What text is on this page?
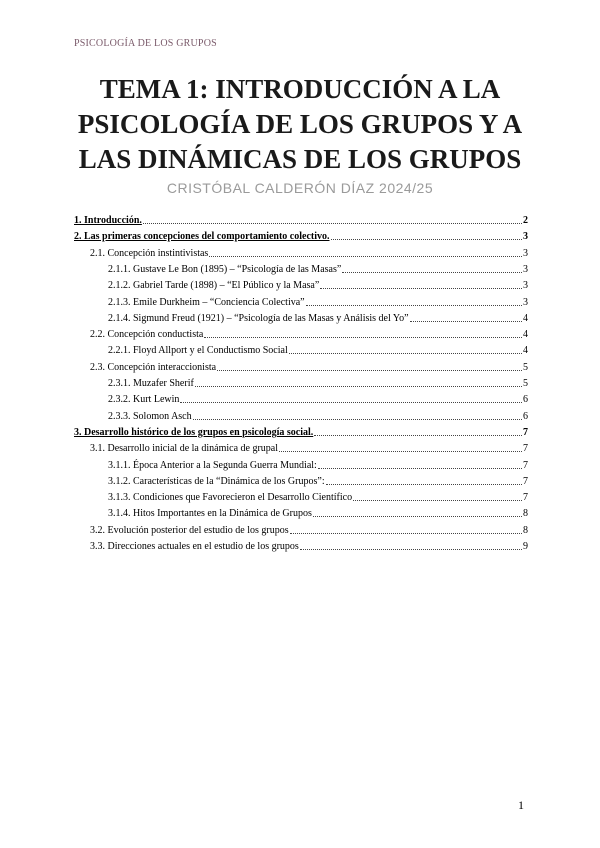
PSICOLOGÍA DE LOS GRUPOS
TEMA 1: INTRODUCCIÓN A LA
PSICOLOGÍA DE LOS GRUPOS Y A
LAS DINÁMICAS DE LOS GRUPOS
CRISTÓBAL CALDERÓN DÍAZ 2024/25
1. Introducción.	2
2. Las primeras concepciones del comportamiento colectivo.	3
2.1. Concepción instintivistas	3
2.1.1. Gustave Le Bon (1895) – “Psicología de las Masas”	3
2.1.2. Gabriel Tarde (1898) – “El Público y la Masa”	3
2.1.3. Emile Durkheim – “Conciencia Colectiva”	3
2.1.4. Sigmund Freud (1921) – “Psicología de las Masas y Análisis del Yo”	4
2.2. Concepción conductista	4
2.2.1. Floyd Allport y el Conductismo Social	4
2.3. Concepción interaccionista	5
2.3.1. Muzafer Sherif	5
2.3.2. Kurt Lewin	6
2.3.3. Solomon Asch	6
3. Desarrollo histórico de los grupos en psicología social.	7
3.1. Desarrollo inicial de la dinámica de grupal	7
3.1.1. Época Anterior a la Segunda Guerra Mundial:	7
3.1.2. Características de la “Dinámica de los Grupos”:	7
3.1.3. Condiciones que Favorecieron el Desarrollo Científico	7
3.1.4. Hitos Importantes en la Dinámica de Grupos	8
3.2. Evolución posterior del estudio de los grupos	8
3.3. Direcciones actuales en el estudio de los grupos	9
1
